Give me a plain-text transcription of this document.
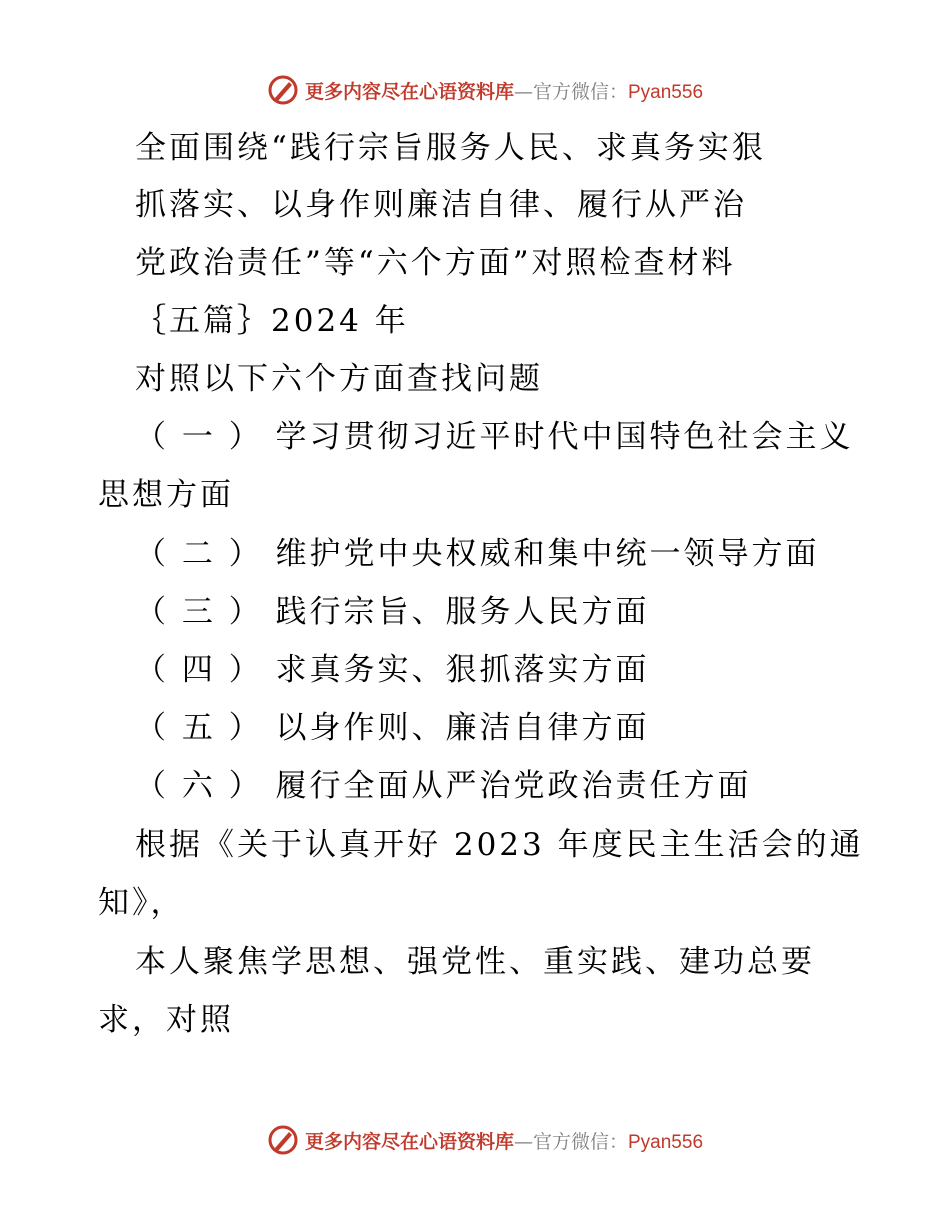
更多内容尽在心语资料库—官方微信：Pyan556
全面围绕“践行宗旨服务人民、求真务实狠
抓落实、以身作则廉洁自律、履行从严治
党政治责任”等“六个方面”对照检查材料
｛五篇｝2024 年
对照以下六个方面查找问题
（ 一 ） 学习贯彻习近平时代中国特色社会主义
思想方面
（ 二 ） 维护党中央权威和集中统一领导方面
（ 三 ） 践行宗旨、服务人民方面
（ 四 ） 求真务实、狠抓落实方面
（ 五 ） 以身作则、廉洁自律方面
（ 六 ） 履行全面从严治党政治责任方面
根据《关于认真开好 2023 年度民主生活会的通
知》，
本人聚焦学思想、强党性、重实践、建功总要
求，对照
更多内容尽在心语资料库—官方微信：Pyan556
